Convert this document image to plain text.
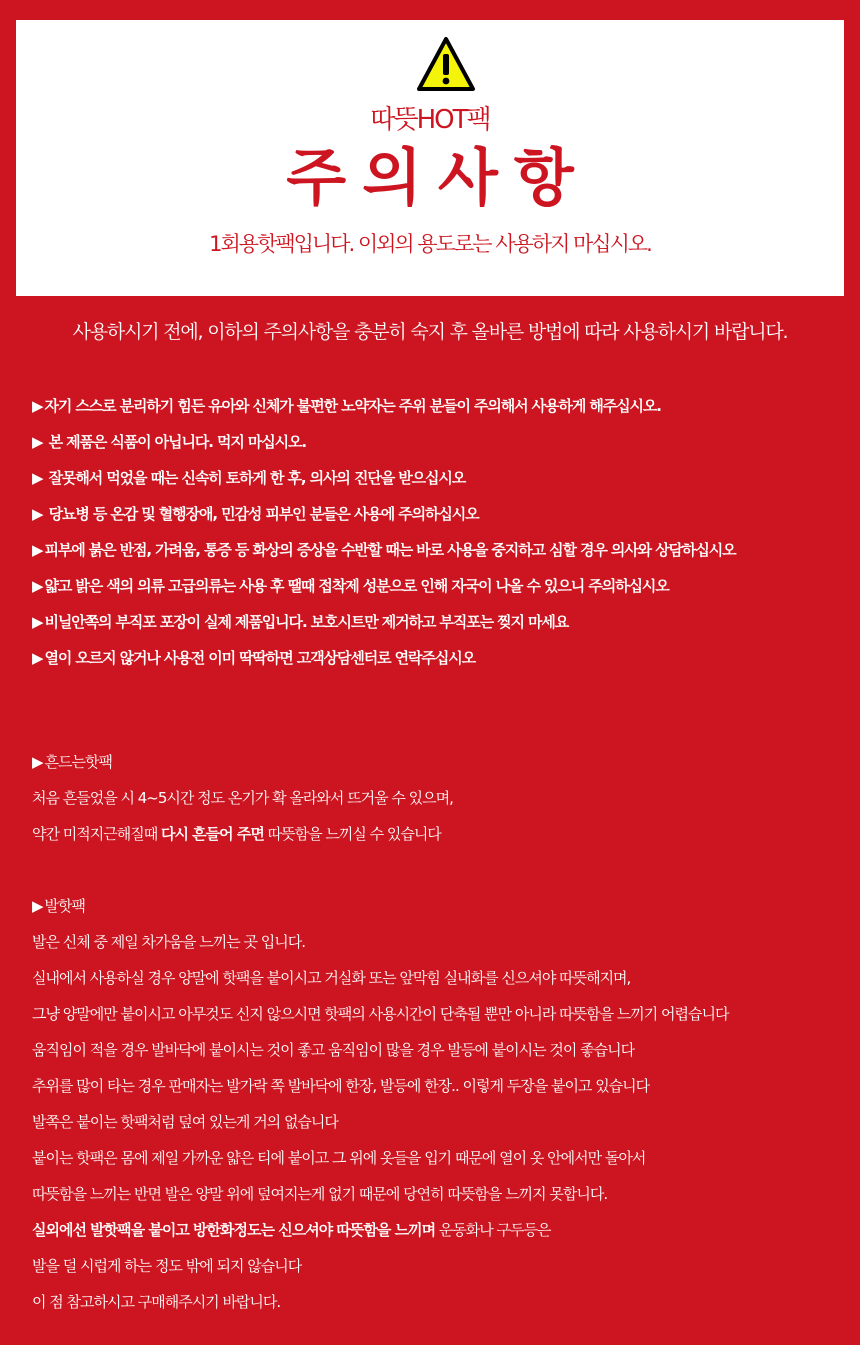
따뜻HOT팩
주의사항
1회용핫팩입니다. 이외의 용도로는 사용하지 마십시오.
사용하시기 전에, 이하의 주의사항을 충분히 숙지 후 올바른 방법에 따라 사용하시기 바랍니다.
▶ 자기 스스로 분리하기 힘든 유아와 신체가 불편한 노약자는 주위 분들이 주의해서 사용하게 해주십시오.
▶ 본 제품은 식품이 아닙니다. 먹지 마십시오.
▶ 잘못해서 먹었을 때는 신속히 토하게 한 후, 의사의 진단을 받으십시오
▶ 당뇨병 등 온감 및 혈행장애, 민감성 피부인 분들은 사용에 주의하십시오
▶ 피부에 붉은 반점, 가려움, 통증 등 화상의 증상을 수반할 때는 바로 사용을 중지하고 심할 경우 의사와 상담하십시오
▶ 얇고 밝은 색의 의류 고급의류는 사용 후 땔때 접착제 성분으로 인해 자국이 나올 수 있으니 주의하십시오
▶ 비닐안쪽의 부직포 포장이 실제 제품입니다. 보호시트만 제거하고 부직포는 찢지 마세요
▶ 열이 오르지 않거나 사용전 이미 딱딱하면 고객상담센터로 연락주십시오
▶ 흔드는핫팩

처음 흔들었을 시 4~5시간 정도 온기가 확 올라와서 뜨거울 수 있으며,

약간 미적지근해질때 다시 흔들어 주면 따뜻함을 느끼실 수 있습니다

▶ 발핫팩

발은 신체 중 제일 차가움을 느끼는 곳 입니다.

실내에서 사용하실 경우 양말에 핫팩을 붙이시고 거실화 또는 앞막힘 실내화를 신으셔야 따뜻해지며,

그냥 양말에만 붙이시고 아무것도 신지 않으시면 핫팩의 사용시간이 단축될 뿐만 아니라 따뜻함을 느끼기 어렵습니다

움직임이 적을 경우 발바닥에 붙이시는 것이 좋고 움직임이 많을 경우 발등에 붙이시는 것이 좋습니다

추위를 많이 타는 경우 판매자는 발가락 쪽 발바닥에 한장, 발등에 한장.. 이렇게 두장을 붙이고 있습니다

발쪽은 붙이는 핫팩처럼 덮여 있는게 거의 없습니다

붙이는 핫팩은 몸에 제일 가까운 얇은 티에 붙이고 그 위에 옷들을 입기 때문에 열이 옷 안에서만 돌아서

따뜻함을 느끼는 반면 발은 양말 위에 덮여지는게 없기 때문에 당연히 따뜻함을 느끼지 못합니다.

실외에선 발핫팩을 붙이고 방한화정도는 신으셔야 따뜻함을 느끼며 운동화나 구두등은

발을 덜 시럽게 하는 정도 밖에 되지 않습니다

이 점 참고하시고 구매해주시기 바랍니다.
